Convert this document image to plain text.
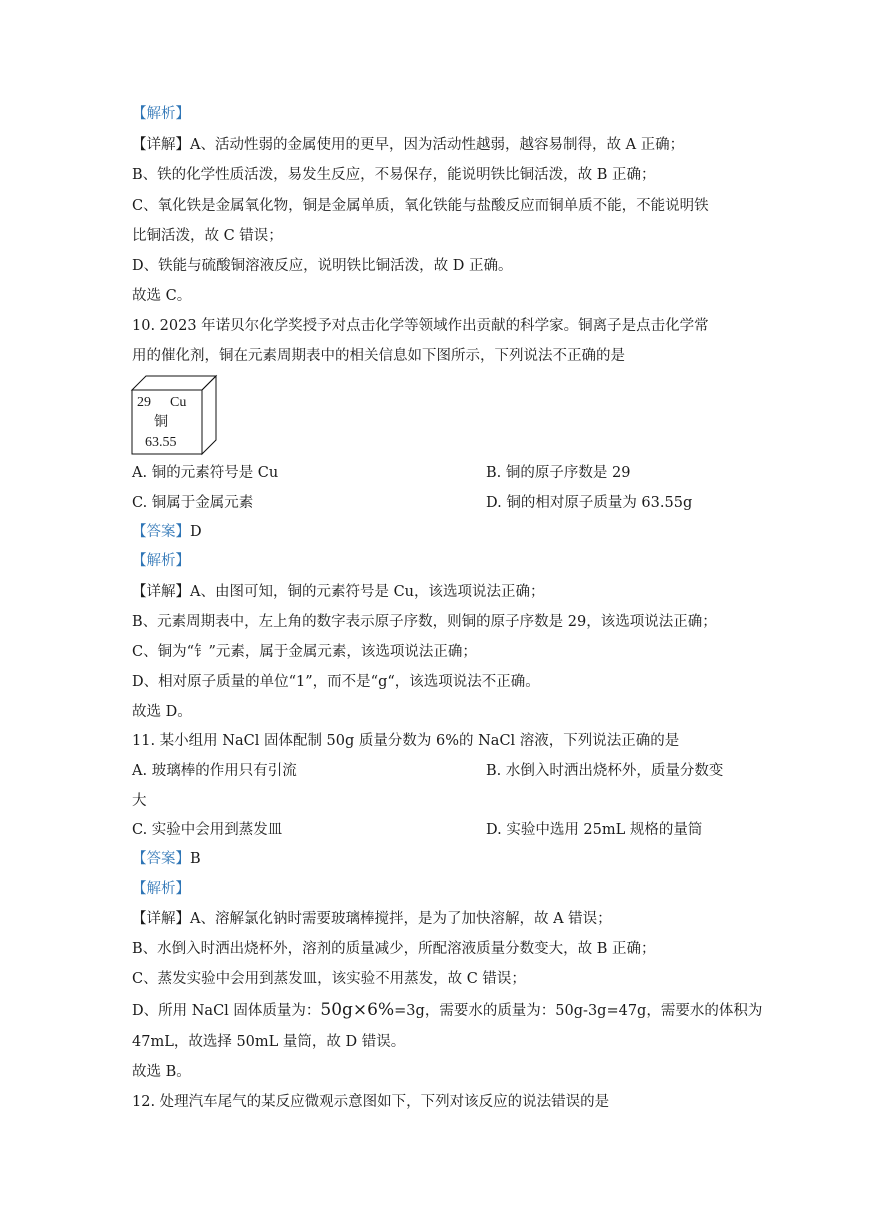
【解析】
【详解】A、活动性弱的金属使用的更早，因为活动性越弱，越容易制得，故 A 正确；
B、铁的化学性质活泼，易发生反应，不易保存，能说明铁比铜活泼，故 B 正确；
C、氧化铁是金属氧化物，铜是金属单质，氧化铁能与盐酸反应而铜单质不能，不能说明铁
比铜活泼，故 C 错误；
D、铁能与硫酸铜溶液反应，说明铁比铜活泼，故 D 正确。
故选 C。
10. 2023 年诺贝尔化学奖授予对点击化学等领域作出贡献的科学家。铜离子是点击化学常
用的催化剂，铜在元素周期表中的相关信息如下图所示，下列说法不正确的是
29 Cu
铜
63.55
A. 铜的元素符号是 Cu	B. 铜的原子序数是 29
C. 铜属于金属元素	D. 铜的相对原子质量为 63.55g
【答案】D
【解析】
【详解】A、由图可知，铜的元素符号是 Cu，该选项说法正确；
B、元素周期表中，左上角的数字表示原子序数，则铜的原子序数是 29，该选项说法正确；
C、铜为“钅”元素，属于金属元素，该选项说法正确；
D、相对原子质量的单位“1”，而不是“g“，该选项说法不正确。
故选 D。
11. 某小组用 NaCl 固体配制 50g 质量分数为 6%的 NaCl 溶液，下列说法正确的是
A. 玻璃棒的作用只有引流	B. 水倒入时洒出烧杯外，质量分数变
大
C. 实验中会用到蒸发皿	D. 实验中选用 25mL 规格的量筒
【答案】B
【解析】
【详解】A、溶解氯化钠时需要玻璃棒搅拌，是为了加快溶解，故 A 错误；
B、水倒入时洒出烧杯外，溶剂的质量减少，所配溶液质量分数变大，故 B 正确；
C、蒸发实验中会用到蒸发皿，该实验不用蒸发，故 C 错误；
D、所用 NaCl 固体质量为：50g×6%=3g，需要水的质量为：50g-3g=47g，需要水的体积为
47mL，故选择 50mL 量筒，故 D 错误。
故选 B。
12. 处理汽车尾气的某反应微观示意图如下，下列对该反应的说法错误的是
